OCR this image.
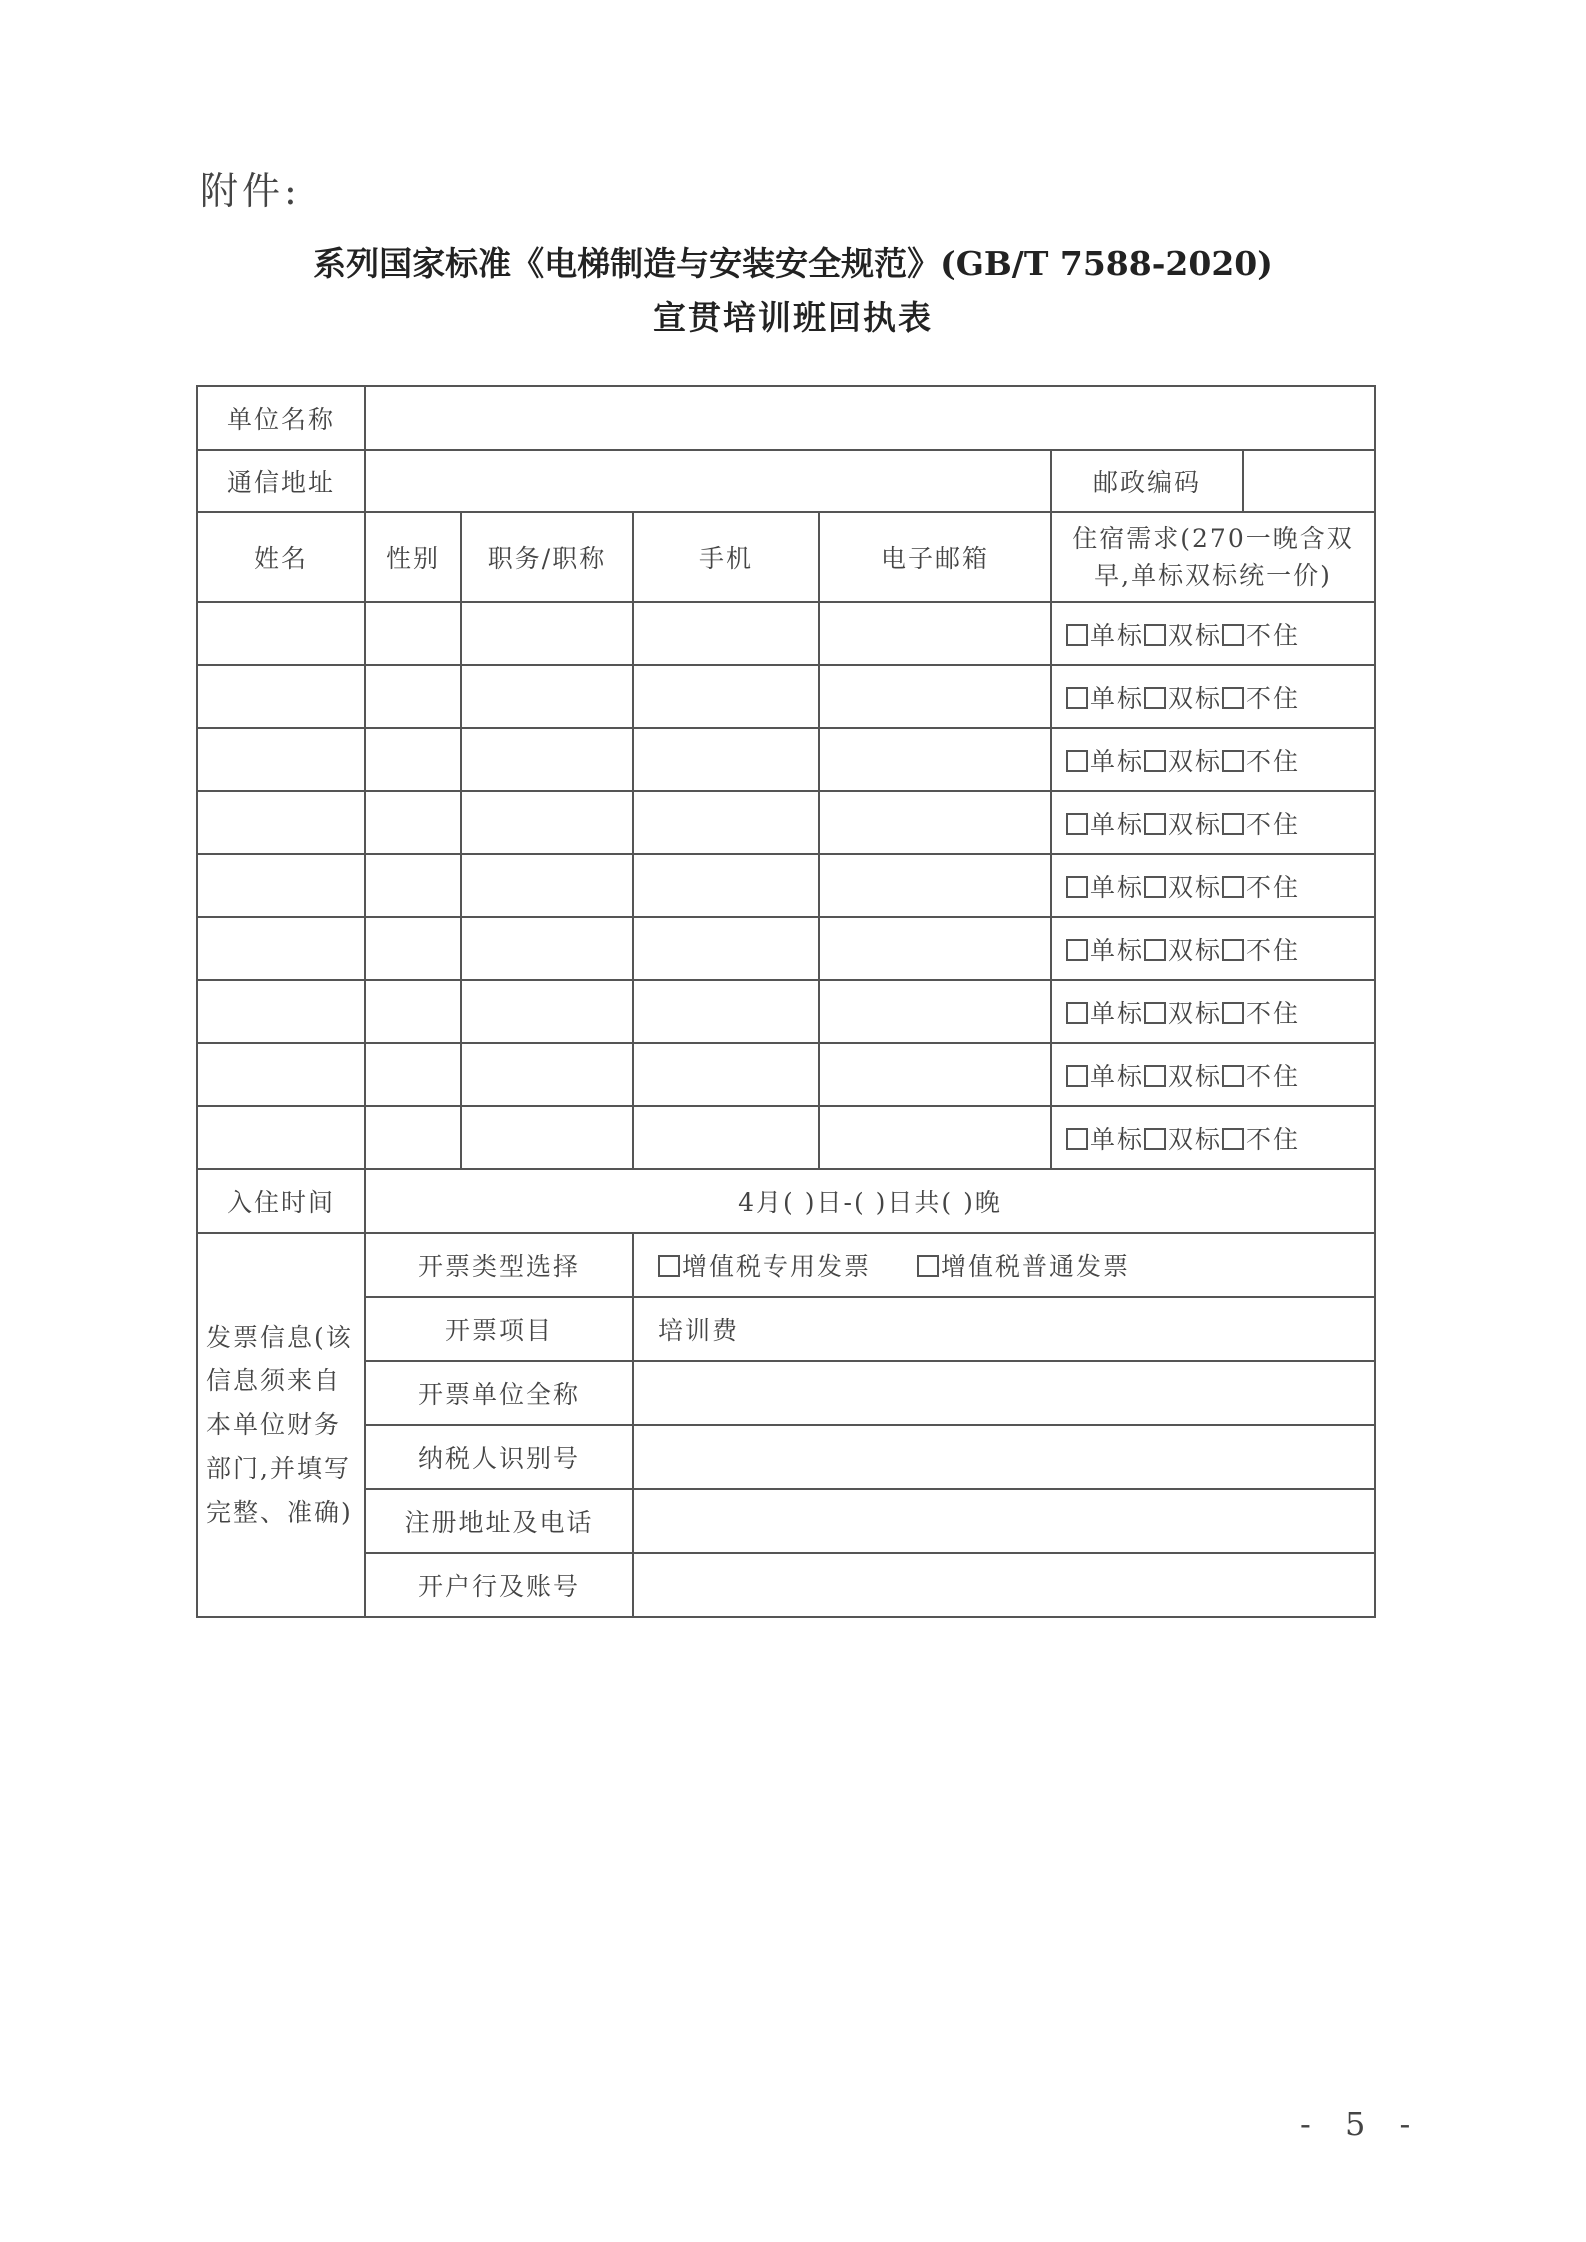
附件:
系列国家标准《电梯制造与安装安全规范》(GB/T 7588-2020)
宣贯培训班回执表
单位名称					
通信地址					邮政编码

姓名	性别	职务/职称	手机	电子邮箱	住宿需求(270一晚含双早,单标双标统一价)
					单标 双标 不住
					单标 双标 不住
					单标 双标 不住
					单标 双标 不住
					单标 双标 不住
					单标 双标 不住
					单标 双标 不住
					单标 双标 不住
					单标 双标 不住
入住时间	4月( )日-( )日共( )晚				
发票信息(该信息须来自本单位财务部门,并填写完整、准确)	开票类型选择		增值税专用发票 增值税普通发票		
	开票项目		培训费		
	开票单位全称				
	纳税人识别号				
	注册地址及电话				
	开户行及账号				
- 5 -
